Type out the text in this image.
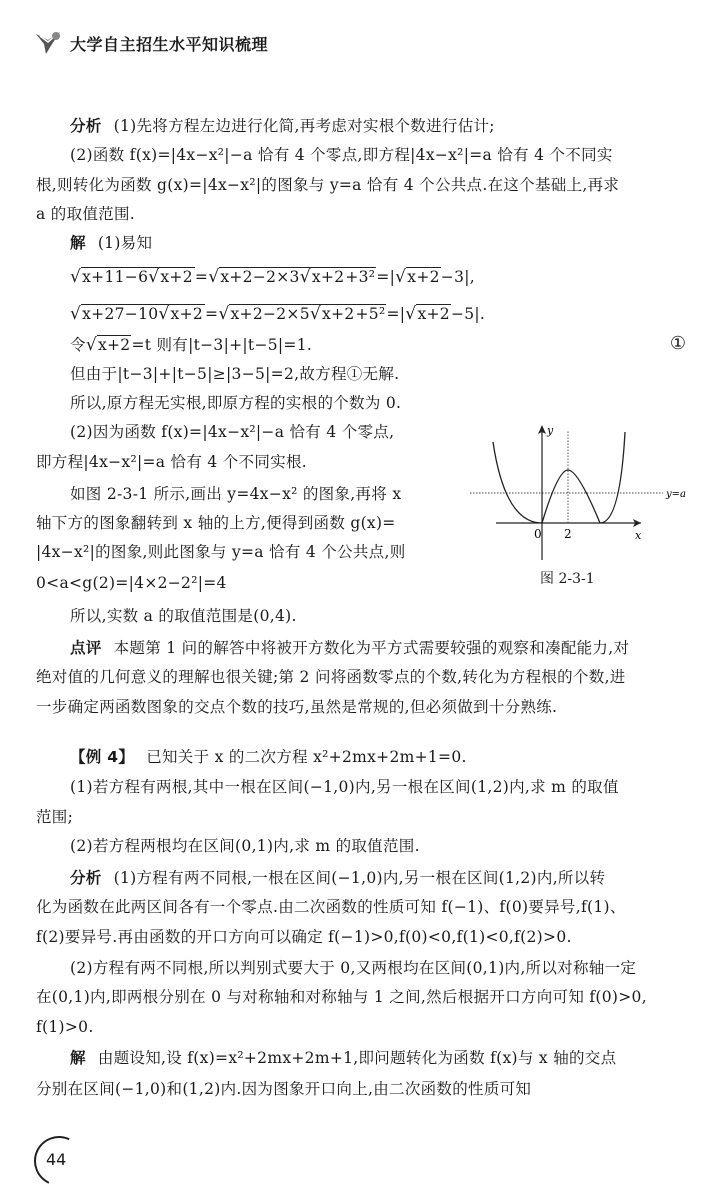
大学自主招生水平知识梳理
分析 (1)先将方程左边进行化简,再考虑对实根个数进行估计;
(2)函数 f(x)=|4x−x²|−a 恰有 4 个零点,即方程|4x−x²|=a 恰有 4 个不同实
根,则转化为函数 g(x)=|4x−x²|的图象与 y=a 恰有 4 个公共点.在这个基础上,再求
a 的取值范围.
解 (1)易知
√x+11−6√x+2 =√x+2−2×3√x+2+3²=|√x+2−3|,
√x+27−10√x+2 =√x+2−2×5√x+2+5²=|√x+2−5|.
令√x+2=t 则有|t−3|+|t−5|=1.	①
但由于|t−3|+|t−5|≥|3−5|=2,故方程①无解.
所以,原方程无实根,即原方程的实根的个数为 0.
(2)因为函数 f(x)=|4x−x²|−a 恰有 4 个零点,
即方程|4x−x²|=a 恰有 4 个不同实根.
如图 2-3-1 所示,画出 y=4x−x² 的图象,再将 x
轴下方的图象翻转到 x 轴的上方,便得到函数 g(x)=
|4x−x²|的图象,则此图象与 y=a 恰有 4 个公共点,则
0<a<g(2)=|4×2−2²|=4
所以,实数 a 的取值范围是(0,4).
点评 本题第 1 问的解答中将被开方数化为平方式需要较强的观察和凑配能力,对
绝对值的几何意义的理解也很关键;第 2 问将函数零点的个数,转化为方程根的个数,进
一步确定两函数图象的交点个数的技巧,虽然是常规的,但必须做到十分熟练.
【例 4】 已知关于 x 的二次方程 x²+2mx+2m+1=0.
(1)若方程有两根,其中一根在区间(−1,0)内,另一根在区间(1,2)内,求 m 的取值
范围;
(2)若方程两根均在区间(0,1)内,求 m 的取值范围.
分析 (1)方程有两不同根,一根在区间(−1,0)内,另一根在区间(1,2)内,所以转
化为函数在此两区间各有一个零点.由二次函数的性质可知 f(−1)、f(0)要异号,f(1)、
f(2)要异号.再由函数的开口方向可以确定 f(−1)>0,f(0)<0,f(1)<0,f(2)>0.
(2)方程有两不同根,所以判别式要大于 0,又两根均在区间(0,1)内,所以对称轴一定
在(0,1)内,即两根分别在 0 与对称轴和对称轴与 1 之间,然后根据开口方向可知 f(0)>0,
f(1)>0.
解 由题设知,设 f(x)=x²+2mx+2m+1,即问题转化为函数 f(x)与 x 轴的交点
分别在区间(−1,0)和(1,2)内.因为图象开口向上,由二次函数的性质可知
y
0 2	x
y=a
图 2-3-1
44
